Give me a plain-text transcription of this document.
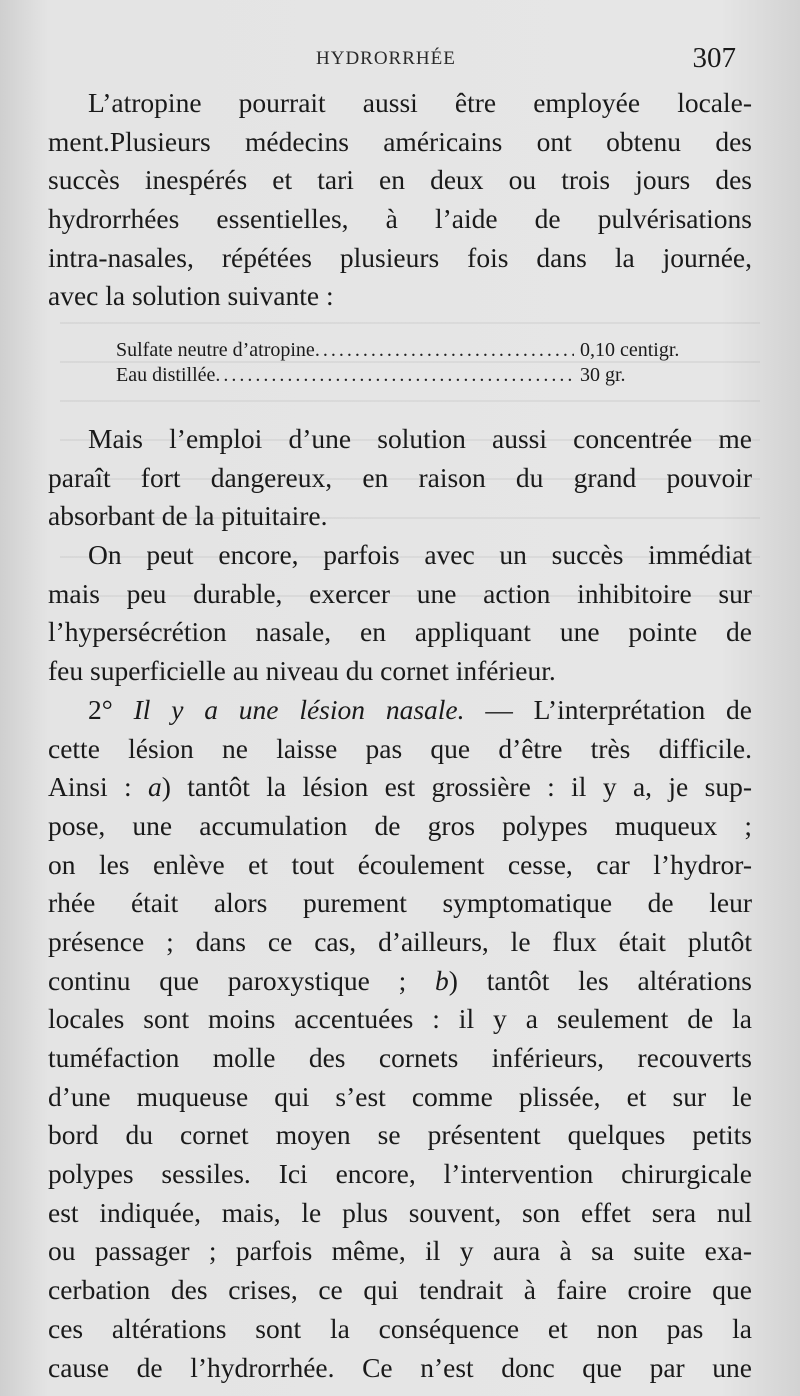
HYDRORRHÉE	307
L’atropine pourrait aussi être employée locale-
ment.Plusieurs médecins américains ont obtenu des
succès inespérés et tari en deux ou trois jours des
hydrorrhées essentielles, à l’aide de pulvérisations
intra-nasales, répétées plusieurs fois dans la journée,
avec la solution suivante :
Sulfate neutre d’atropine .....	0,10 centigr.
Eau distillée .....	30 gr.
Mais l’emploi d’une solution aussi concentrée me
paraît fort dangereux, en raison du grand pouvoir
absorbant de la pituitaire.
On peut encore, parfois avec un succès immédiat
mais peu durable, exercer une action inhibitoire sur
l’hypersécrétion nasale, en appliquant une pointe de
feu superficielle au niveau du cornet inférieur.
2° Il y a une lésion nasale. — L’interprétation de
cette lésion ne laisse pas que d’être très difficile.
Ainsi : a) tantôt la lésion est grossière : il y a, je sup-
pose, une accumulation de gros polypes muqueux ;
on les enlève et tout écoulement cesse, car l’hydror-
rhée était alors purement symptomatique de leur
présence ; dans ce cas, d’ailleurs, le flux était plutôt
continu que paroxystique ; b) tantôt les altérations
locales sont moins accentuées : il y a seulement de la
tuméfaction molle des cornets inférieurs, recouverts
d’une muqueuse qui s’est comme plissée, et sur le
bord du cornet moyen se présentent quelques petits
polypes sessiles. Ici encore, l’intervention chirurgicale
est indiquée, mais, le plus souvent, son effet sera nul
ou passager ; parfois même, il y aura à sa suite exa-
cerbation des crises, ce qui tendrait à faire croire que
ces altérations sont la conséquence et non pas la
cause de l’hydrorrhée. Ce n’est donc que par une
